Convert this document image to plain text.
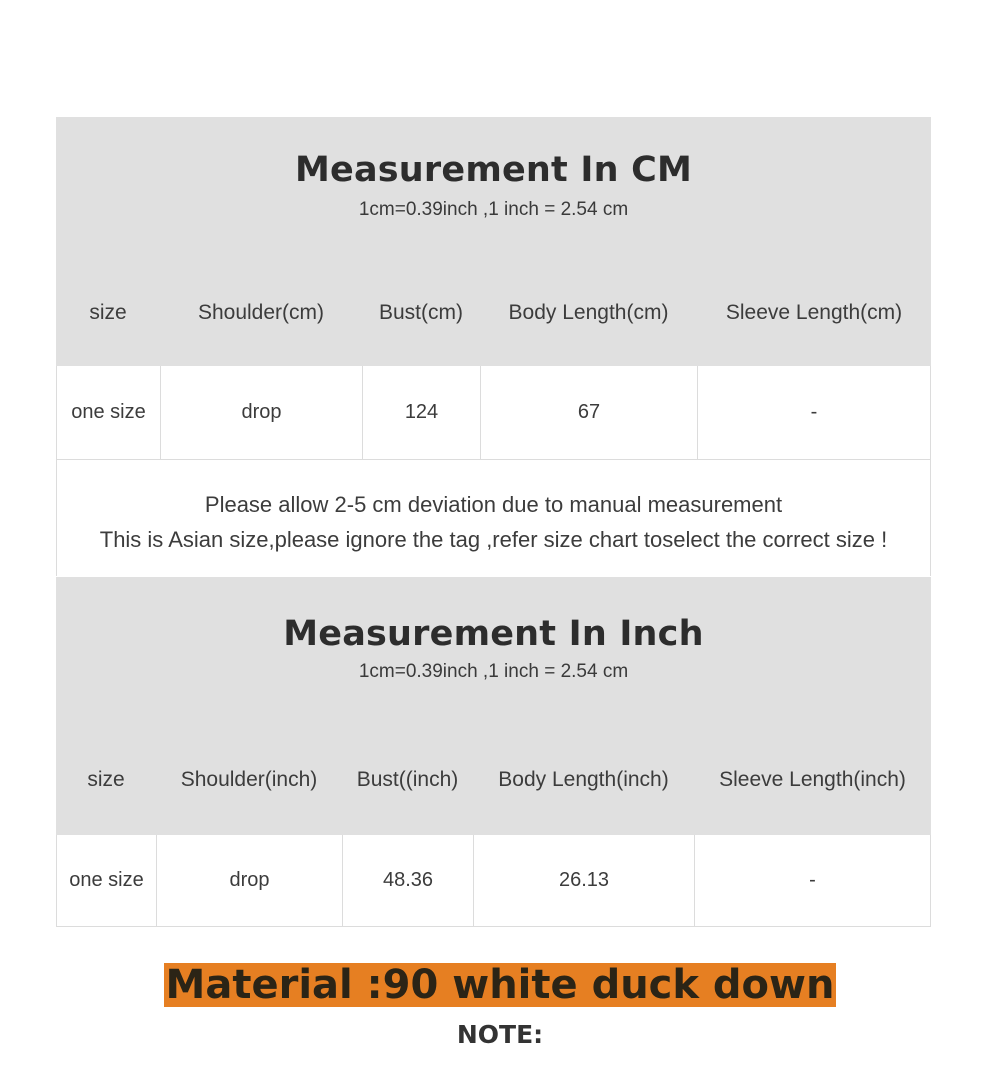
Measurement In CM
1cm=0.39inch ,1 inch = 2.54 cm
size	Shoulder(cm)	Bust(cm)	Body Length(cm)	Sleeve Length(cm)
one size	drop	124	67	-
Please allow 2-5 cm deviation due to manual measurement
This is Asian size,please ignore the tag ,refer size chart toselect the correct size !
Measurement In Inch
1cm=0.39inch ,1 inch = 2.54 cm
size	Shoulder(inch)	Bust((inch)	Body Length(inch)	Sleeve Length(inch)
one size	drop	48.36	26.13	-
Material :90 white duck down
NOTE:
